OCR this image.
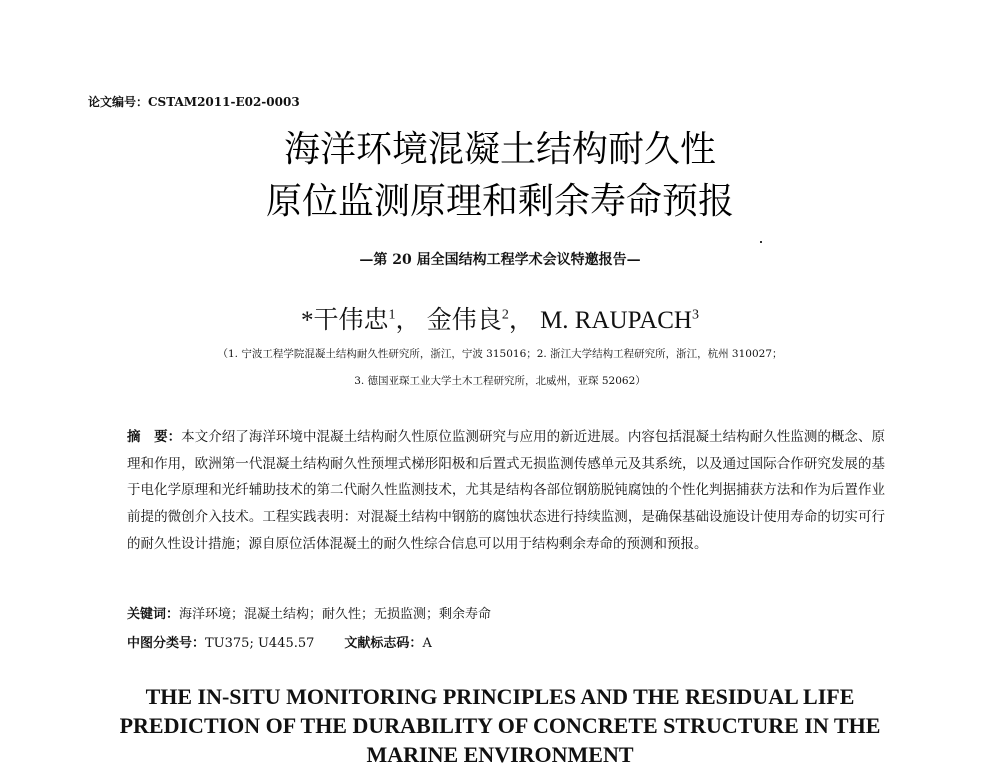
论文编号：CSTAM2011-E02-0003
海洋环境混凝土结构耐久性
原位监测原理和剩余寿命预报
—第 20 届全国结构工程学术会议特邀报告—
*干伟忠$^1$， 金伟良$^2$， M. RAUPACH$^3$
（1. 宁波工程学院混凝土结构耐久性研究所，浙江，宁波 315016；2. 浙江大学结构工程研究所，浙江，杭州 310027；
3. 德国亚琛工业大学土木工程研究所，北威州，亚琛 52062）
摘　要：本文介绍了海洋环境中混凝土结构耐久性原位监测研究与应用的新近进展。内容包括混凝土结构耐久性监测的概念、原理和作用，欧洲第一代混凝土结构耐久性预埋式梯形阳极和后置式无损监测传感单元及其系统，以及通过国际合作研究发展的基于电化学原理和光纤辅助技术的第二代耐久性监测技术，尤其是结构各部位钢筋脱钝腐蚀的个性化判据捕获方法和作为后置作业前提的微创介入技术。工程实践表明：对混凝土结构中钢筋的腐蚀状态进行持续监测，是确保基础设施设计使用寿命的切实可行的耐久性设计措施；源自原位活体混凝土的耐久性综合信息可以用于结构剩余寿命的预测和预报。
关键词：海洋环境；混凝土结构；耐久性；无损监测；剩余寿命
中图分类号：TU375; U445.57 文献标志码：A
THE IN-SITU MONITORING PRINCIPLES AND THE RESIDUAL LIFE PREDICTION OF THE DURABILITY OF CONCRETE STRUCTURE IN THE MARINE ENVIRONMENT
